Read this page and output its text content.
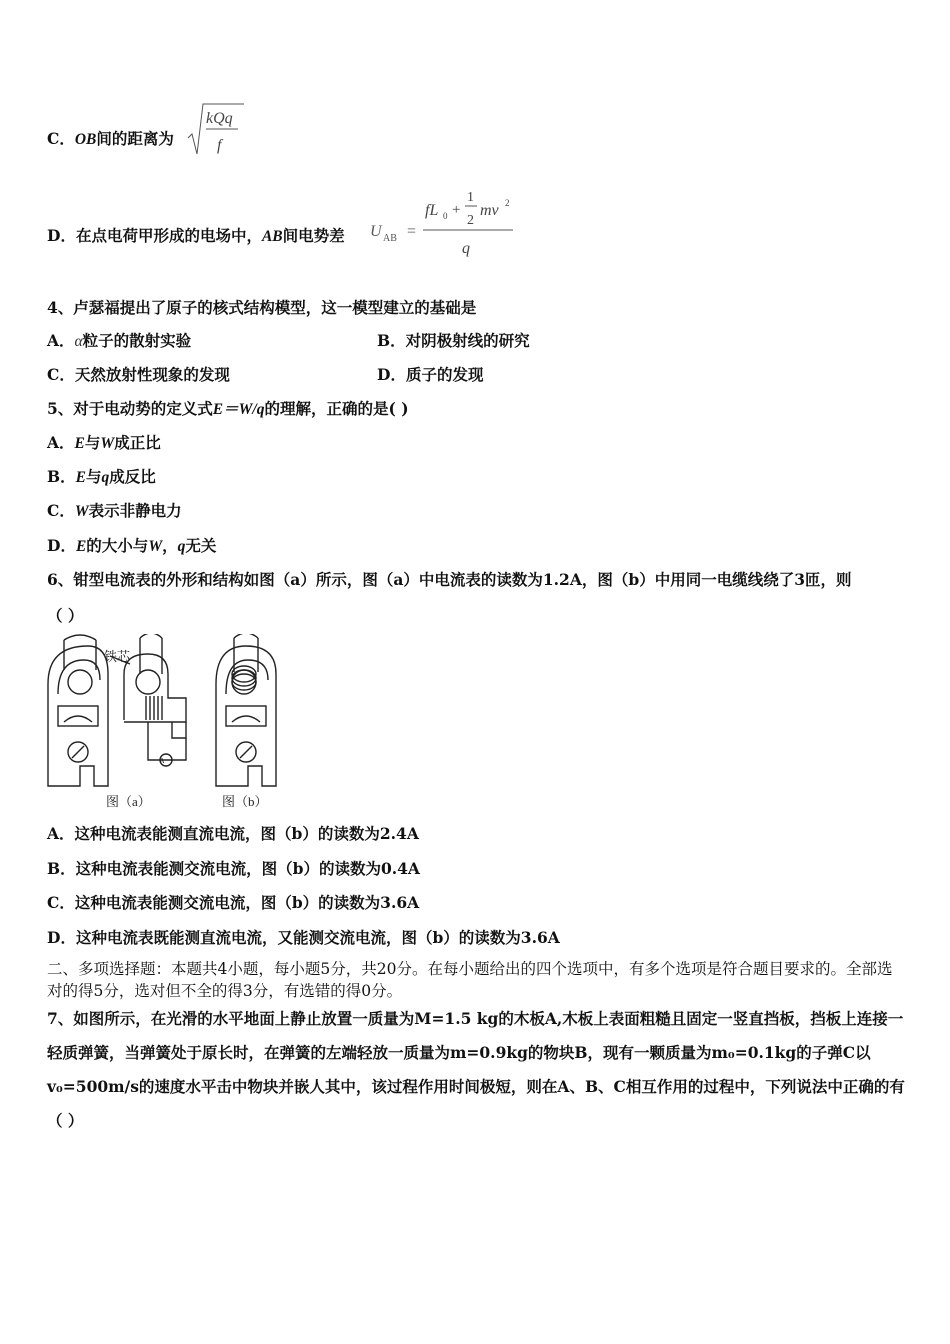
C．OB间的距离为
kQq
f
D．在点电荷甲形成的电场中，AB间电势差 U AB =
fL 0 +
1
2
mv 2
q
4、卢瑟福提出了原子的核式结构模型，这一模型建立的基础是
A．α粒子的散射实验	B．对阴极射线的研究
C．天然放射性现象的发现	D．质子的发现
5、对于电动势的定义式E＝W/q的理解，正确的是( )
A．E与W成正比
B．E与q成反比
C．W表示非静电力
D．E的大小与W，q无关
6、钳型电流表的外形和结构如图（a）所示，图（a）中电流表的读数为1.2A，图（b）中用同一电缆线绕了3匝，则
（ ）
A
铁芯
图（a）	图（b）
A．这种电流表能测直流电流，图（b）的读数为2.4A
B．这种电流表能测交流电流，图（b）的读数为0.4A
C．这种电流表能测交流电流，图（b）的读数为3.6A
D．这种电流表既能测直流电流，又能测交流电流，图（b）的读数为3.6A
二、多项选择题：本题共4小题，每小题5分，共20分。在每小题给出的四个选项中，有多个选项是符合题目要求的。全部选对的得5分，选对但不全的得3分，有选错的得0分。
7、如图所示，在光滑的水平地面上静止放置一质量为M=1.5 kg的木板A,木板上表面粗糙且固定一竖直挡板，挡板上连接一轻质弹簧，当弹簧处于原长时，在弹簧的左端轻放一质量为m=0.9kg的物块B，现有一颗质量为m₀=0.1kg的子弹C以v₀=500m/s的速度水平击中物块并嵌人其中，该过程作用时间极短，则在A、B、C相互作用的过程中，下列说法中正确的有（ ）
